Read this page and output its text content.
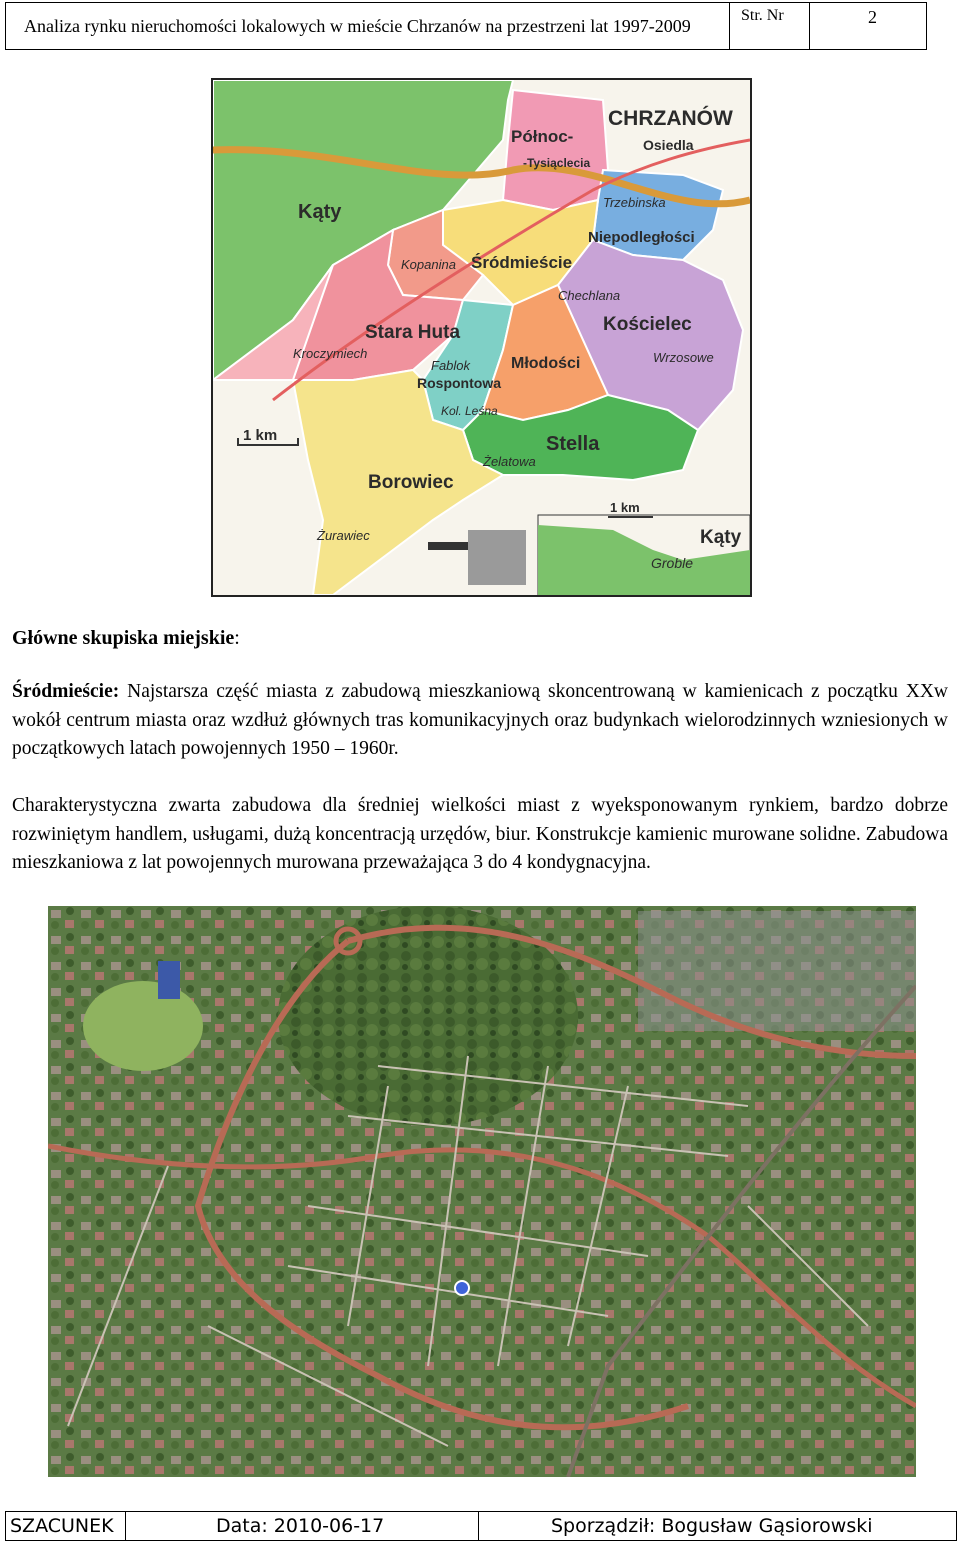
Analiza rynku nieruchomości lokalowych w mieście Chrzanów na przestrzeni lat 1997-2009	Str. Nr	2
CHRZANÓW
Północ-
-Tysiąclecia
Osiedla
Kąty	Trzebinska
Niepodległości
Kopanina Śródmieście
Chechlana
Kościelec
Stara Huta
Kroczymiech	Wrzosowe
Fablok
Rospontowa
Młodości
Kol. Leśna
Stella
Żelatowa
Borowiec
Żurawiec	Kąty
Groble
1 km
1 km
Główne skupiska miejskie:

Śródmieście: Najstarsza część miasta z zabudową mieszkaniową skoncentrowaną w kamienicach z początku XXw wokół centrum miasta oraz wzdłuż głównych tras komunikacyjnych oraz budynkach wielorodzinnych wzniesionych w początkowych latach powojennych 1950 – 1960r.

Charakterystyczna zwarta zabudowa dla średniej wielkości miast z wyeksponowanym rynkiem, bardzo dobrze rozwiniętym handlem, usługami, dużą koncentracją urzędów, biur. Konstrukcje kamienic murowane solidne. Zabudowa mieszkaniowa z lat powojennych murowana przeważająca 3 do 4 kondygnacyjna.

SZACUNEK	Data: 2010-06-17	Sporządził: Bogusław Gąsiorowski
